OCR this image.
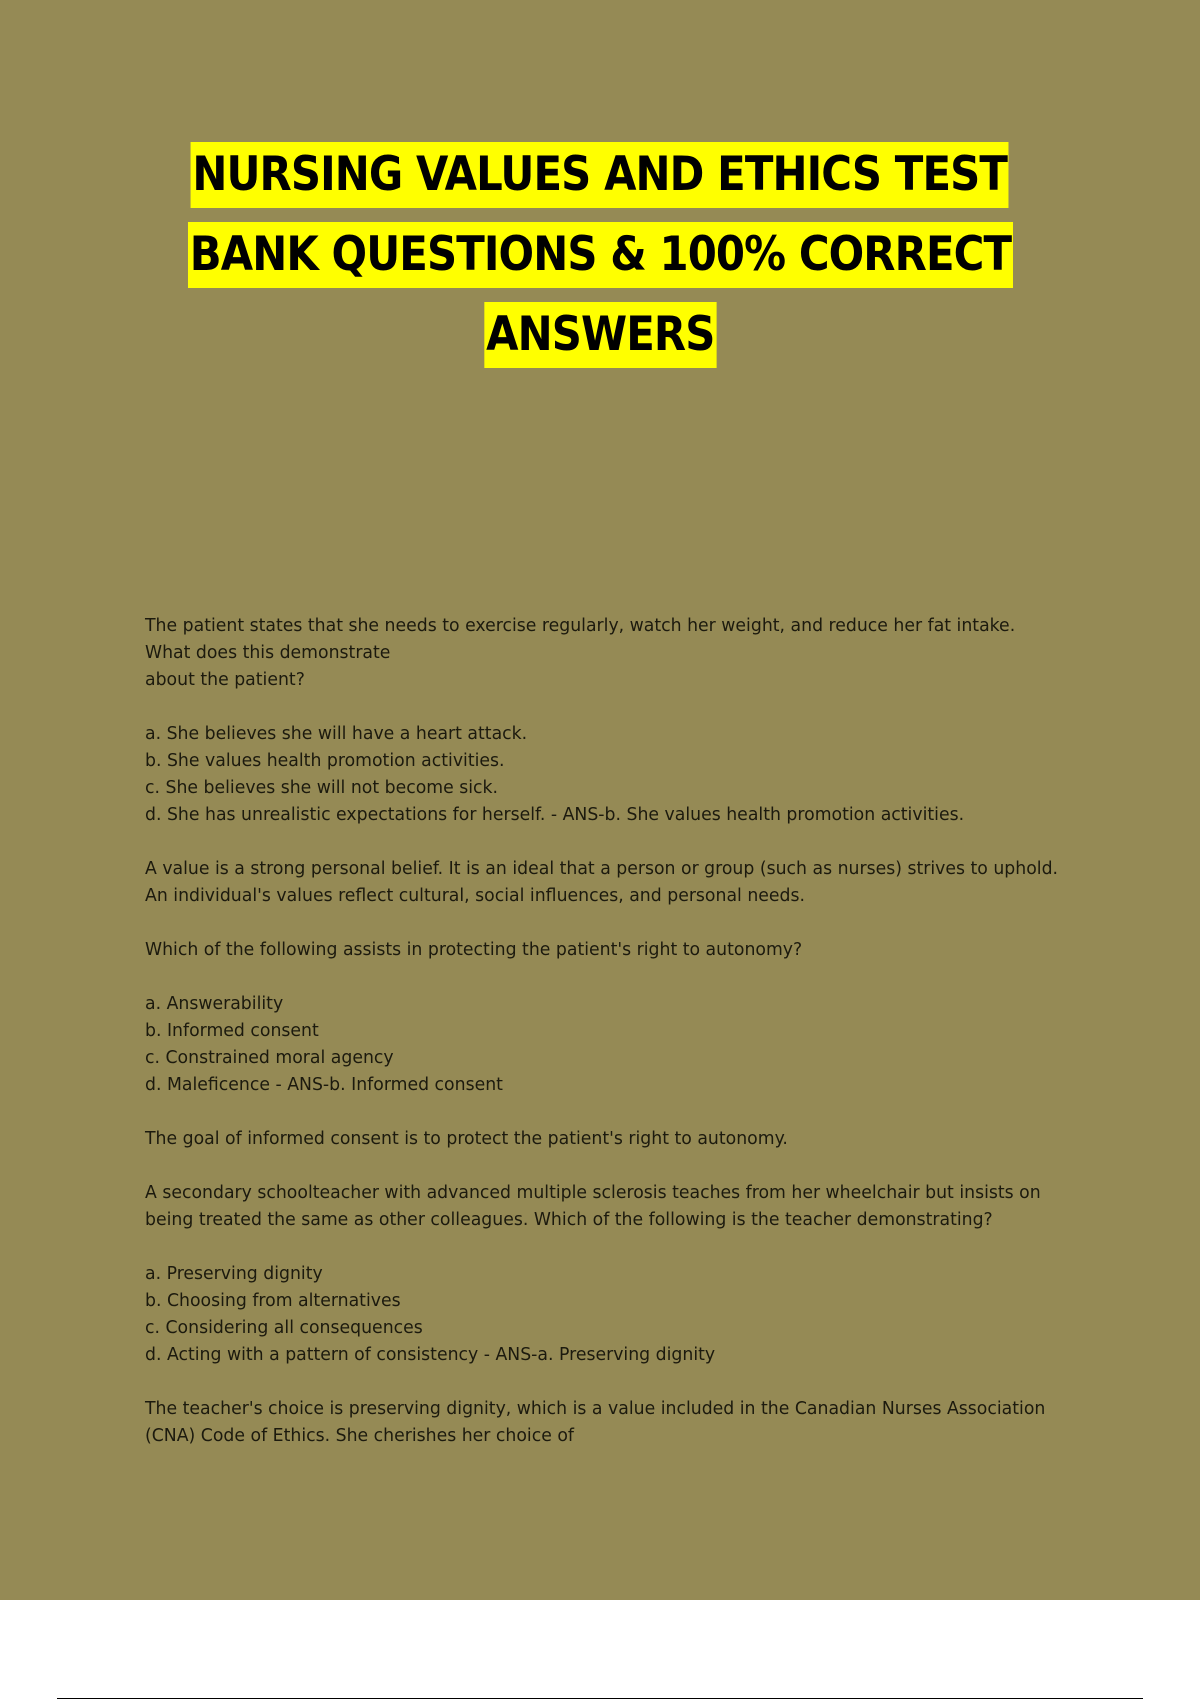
NURSING VALUES AND ETHICS TEST
BANK QUESTIONS & 100% CORRECT
ANSWERS
The patient states that she needs to exercise regularly, watch her weight, and reduce her fat intake.
What does this demonstrate
about the patient?
a. She believes she will have a heart attack.
b. She values health promotion activities.
c. She believes she will not become sick.
d. She has unrealistic expectations for herself. - ANS-b. She values health promotion activities.
A value is a strong personal belief. It is an ideal that a person or group (such as nurses) strives to uphold.
An individual's values reflect cultural, social influences, and personal needs.
Which of the following assists in protecting the patient's right to autonomy?
a. Answerability
b. Informed consent
c. Constrained moral agency
d. Maleficence - ANS-b. Informed consent
The goal of informed consent is to protect the patient's right to autonomy.
A secondary schoolteacher with advanced multiple sclerosis teaches from her wheelchair but insists on
being treated the same as other colleagues. Which of the following is the teacher demonstrating?
a. Preserving dignity
b. Choosing from alternatives
c. Considering all consequences
d. Acting with a pattern of consistency - ANS-a. Preserving dignity
The teacher's choice is preserving dignity, which is a value included in the Canadian Nurses Association
(CNA) Code of Ethics. She cherishes her choice of
